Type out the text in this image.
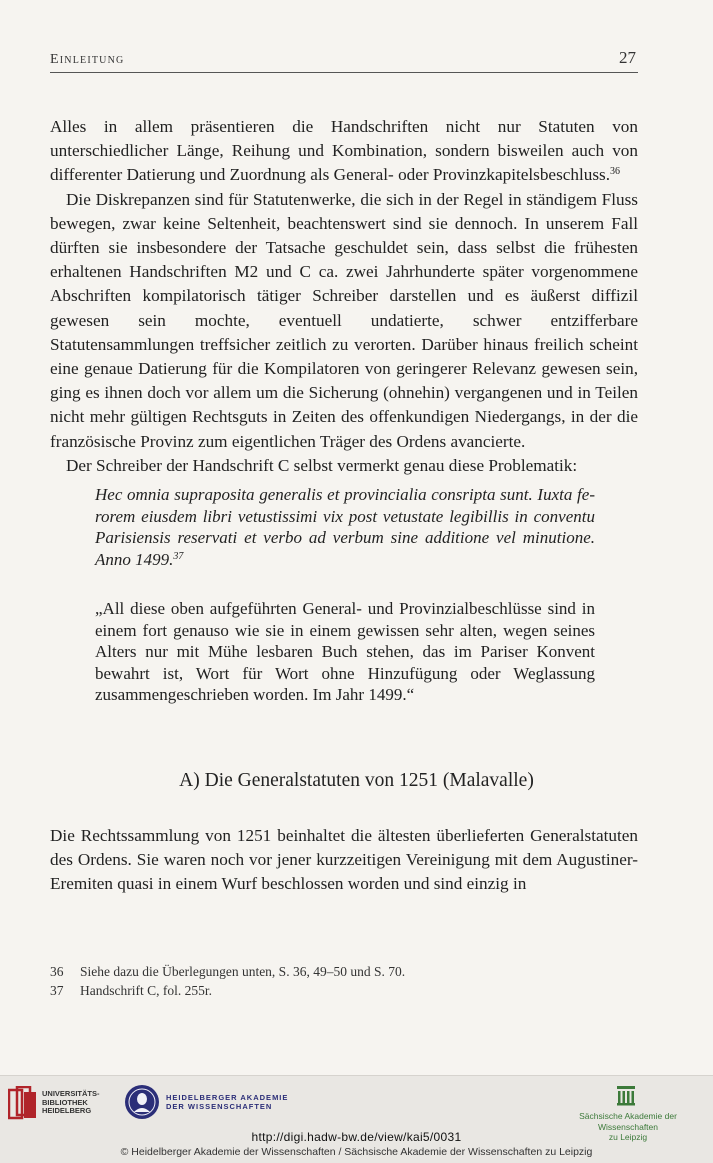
Einleitung	27

Alles in allem präsentieren die Handschriften nicht nur Statuten von unterschiedlicher Länge, Reihung und Kombination, sondern bisweilen auch von differenter Datierung und Zuordnung als General- oder Provinzkapitelsbeschluss.$^{36}$

Die Diskrepanzen sind für Statutenwerke, die sich in der Regel in ständigem Fluss bewegen, zwar keine Seltenheit, beachtenswert sind sie dennoch. In unserem Fall dürften sie insbesondere der Tatsache geschuldet sein, dass selbst die frühesten erhaltenen Handschriften M2 und C ca. zwei Jahrhunderte später vorgenommene Abschriften kompilatorisch tätiger Schreiber darstellen und es äußerst diffizil gewesen sein mochte, eventuell undatierte, schwer entzifferbare Statutensammlungen treffsicher zeitlich zu verorten. Darüber hinaus freilich scheint eine genaue Datierung für die Kompilatoren von geringerer Relevanz gewesen sein, ging es ihnen doch vor allem um die Sicherung (ohnehin) vergangenen und in Teilen nicht mehr gültigen Rechtsguts in Zeiten des offenkundigen Niedergangs, in der die französische Provinz zum eigentlichen Träger des Ordens avancierte.

Der Schreiber der Handschrift C selbst vermerkt genau diese Problematik:

Hec omnia supraposita generalis et provincialia consripta sunt. Iuxta ferorem eiusdem libri vetustissimi vix post vetustate legibillis in conventu Parisiensis reservati et verbo ad verbum sine additione vel minutione. Anno 1499.37
„All diese oben aufgeführten General- und Provinzialbeschlüsse sind in einem fort genauso wie sie in einem gewissen sehr alten, wegen seines Alters nur mit Mühe lesbaren Buch stehen, das im Pariser Konvent bewahrt ist, Wort für Wort ohne Hinzufügung oder Weglassung zusammengeschrieben worden. Im Jahr 1499.“
A) Die Generalstatuten von 1251 (Malavalle)
Die Rechtssammlung von 1251 beinhaltet die ältesten überlieferten Generalstatuten des Ordens. Sie waren noch vor jener kurzzeitigen Vereinigung mit dem Augustiner-Eremiten quasi in einem Wurf beschlossen worden und sind einzig in
36 Siehe dazu die Überlegungen unten, S. 36, 49–50 und S. 70.
37 Handschrift C, fol. 255r.
UNIVERSITÄTS-
BIBLIOTHEK
HEIDELBERG
HEIDELBERGER AKADEMIE
DER WISSENSCHAFTEN
Sächsische Akademie der Wissenschaften
zu Leipzig
http://digi.hadw-bw.de/view/kai5/0031
© Heidelberger Akademie der Wissenschaften / Sächsische Akademie der Wissenschaften zu Leipzig
